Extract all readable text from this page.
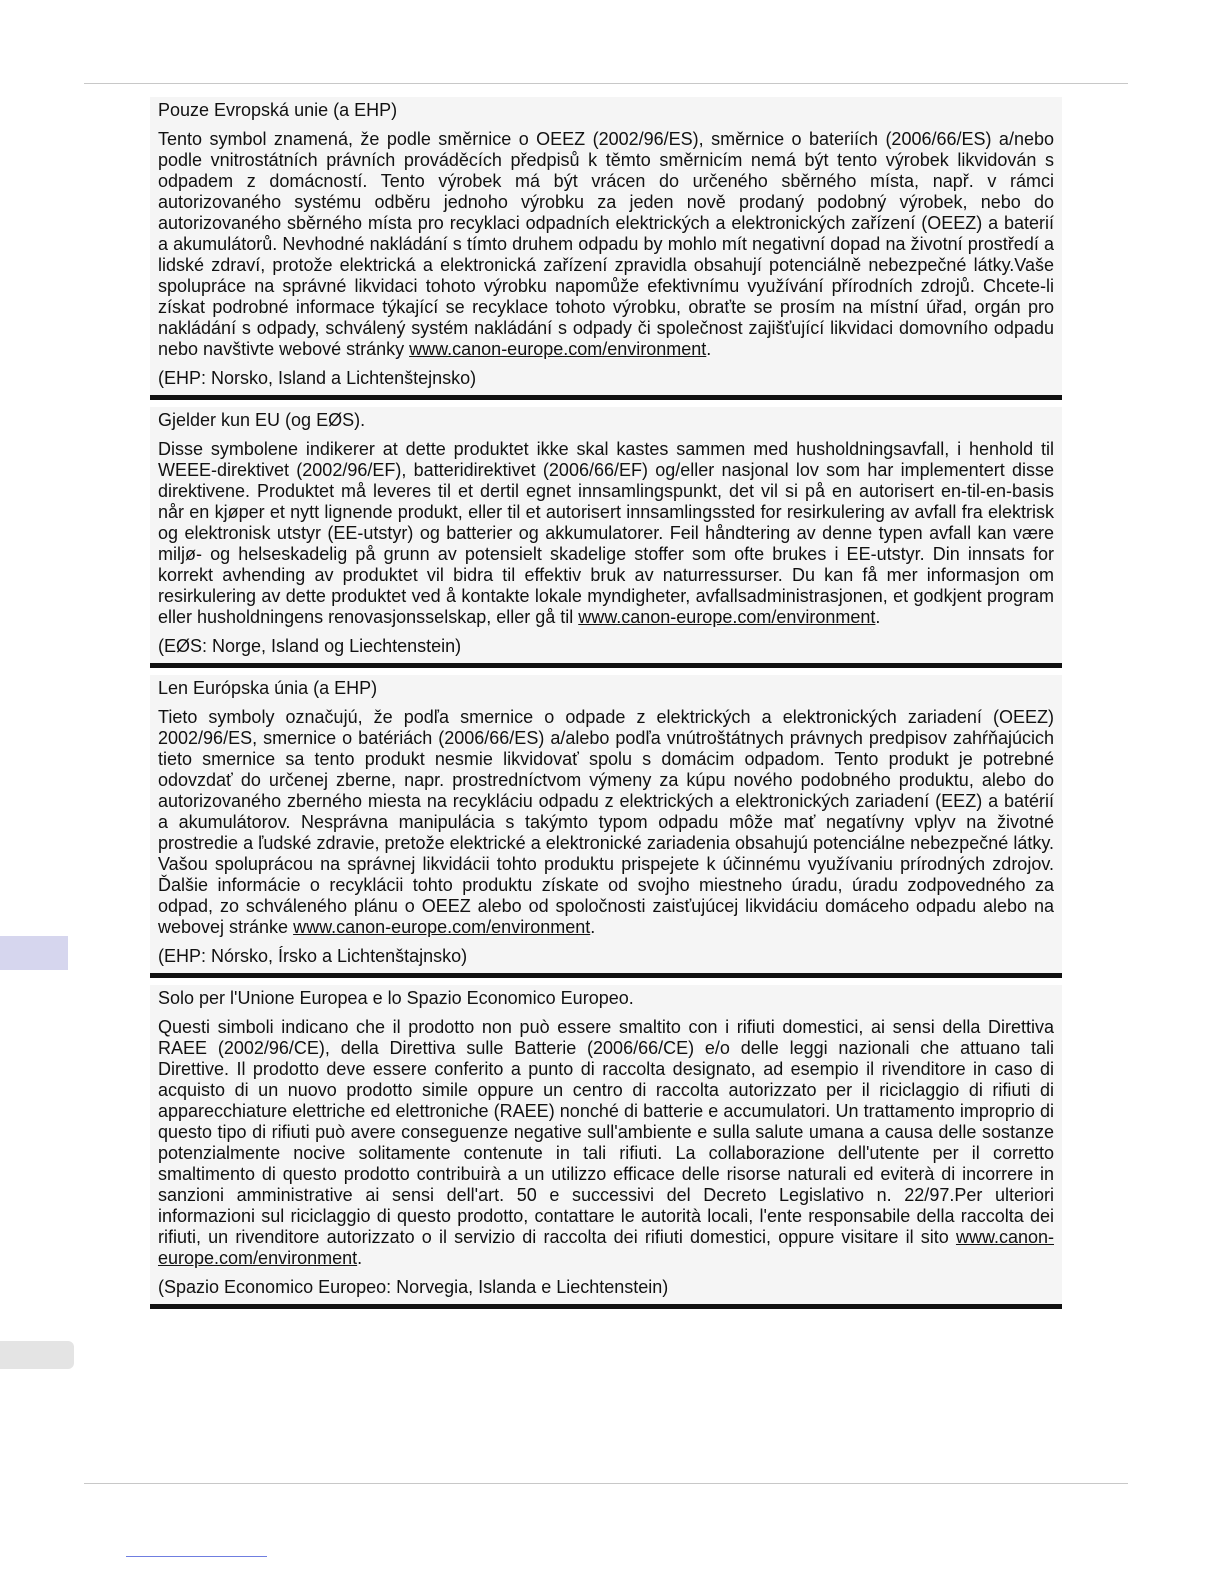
Pouze Evropská unie (a EHP)

Tento symbol znamená, že podle směrnice o OEEZ (2002/96/ES), směrnice o bateriích (2006/66/ES) a/nebo podle vnitrostátních právních prováděcích předpisů k těmto směrnicím nemá být tento výrobek likvidován s odpadem z domácností. Tento výrobek má být vrácen do určeného sběrného místa, např. v rámci autorizovaného systému odběru jednoho výrobku za jeden nově prodaný podobný výrobek, nebo do autorizovaného sběrného místa pro recyklaci odpadních elektrických a elektronických zařízení (OEEZ) a baterií a akumulátorů. Nevhodné nakládání s tímto druhem odpadu by mohlo mít negativní dopad na životní prostředí a lidské zdraví, protože elektrická a elektronická zařízení zpravidla obsahují potenciálně nebezpečné látky.Vaše spolupráce na správné likvidaci tohoto výrobku napomůže efektivnímu využívání přírodních zdrojů. Chcete-li získat podrobné informace týkající se recyklace tohoto výrobku, obraťte se prosím na místní úřad, orgán pro nakládání s odpady, schválený systém nakládání s odpady či společnost zajišťující likvidaci domovního odpadu nebo navštivte webové stránky www.canon-europe.com/environment.

(EHP: Norsko, Island a Lichtenštejnsko)

Gjelder kun EU (og EØS).

Disse symbolene indikerer at dette produktet ikke skal kastes sammen med husholdningsavfall, i henhold til WEEE-direktivet (2002/96/EF), batteridirektivet (2006/66/EF) og/eller nasjonal lov som har implementert disse direktivene. Produktet må leveres til et dertil egnet innsamlingspunkt, det vil si på en autorisert en-til-en-basis når en kjøper et nytt lignende produkt, eller til et autorisert innsamlingssted for resirkulering av avfall fra elektrisk og elektronisk utstyr (EE-utstyr) og batterier og akkumulatorer. Feil håndtering av denne typen avfall kan være miljø- og helseskadelig på grunn av potensielt skadelige stoffer som ofte brukes i EE-utstyr. Din innsats for korrekt avhending av produktet vil bidra til effektiv bruk av naturressurser. Du kan få mer informasjon om resirkulering av dette produktet ved å kontakte lokale myndigheter, avfallsadministrasjonen, et godkjent program eller husholdningens renovasjonsselskap, eller gå til www.canon-europe.com/environment.

(EØS: Norge, Island og Liechtenstein)

Len Európska únia (a EHP)

Tieto symboly označujú, že podľa smernice o odpade z elektrických a elektronických zariadení (OEEZ) 2002/96/ES, smernice o batériách (2006/66/ES) a/alebo podľa vnútroštátnych právnych predpisov zahŕňajúcich tieto smernice sa tento produkt nesmie likvidovať spolu s domácim odpadom. Tento produkt je potrebné odovzdať do určenej zberne, napr. prostredníctvom výmeny za kúpu nového podobného produktu, alebo do autorizovaného zberného miesta na recykláciu odpadu z elektrických a elektronických zariadení (EEZ) a batérií a akumulátorov. Nesprávna manipulácia s takýmto typom odpadu môže mať negatívny vplyv na životné prostredie a ľudské zdravie, pretože elektrické a elektronické zariadenia obsahujú potenciálne nebezpečné látky. Vašou spoluprácou na správnej likvidácii tohto produktu prispejete k účinnému využívaniu prírodných zdrojov. Ďalšie informácie o recyklácii tohto produktu získate od svojho miestneho úradu, úradu zodpovedného za odpad, zo schváleného plánu o OEEZ alebo od spoločnosti zaisťujúcej likvidáciu domáceho odpadu alebo na webovej stránke www.canon-europe.com/environment.

(EHP: Nórsko, Írsko a Lichtenštajnsko)

Solo per l'Unione Europea e lo Spazio Economico Europeo.

Questi simboli indicano che il prodotto non può essere smaltito con i rifiuti domestici, ai sensi della Direttiva RAEE (2002/96/CE), della Direttiva sulle Batterie (2006/66/CE) e/o delle leggi nazionali che attuano tali Direttive. Il prodotto deve essere conferito a punto di raccolta designato, ad esempio il rivenditore in caso di acquisto di un nuovo prodotto simile oppure un centro di raccolta autorizzato per il riciclaggio di rifiuti di apparecchiature elettriche ed elettroniche (RAEE) nonché di batterie e accumulatori. Un trattamento improprio di questo tipo di rifiuti può avere conseguenze negative sull'ambiente e sulla salute umana a causa delle sostanze potenzialmente nocive solitamente contenute in tali rifiuti. La collaborazione dell'utente per il corretto smaltimento di questo prodotto contribuirà a un utilizzo efficace delle risorse naturali ed eviterà di incorrere in sanzioni amministrative ai sensi dell'art. 50 e successivi del Decreto Legislativo n. 22/97.Per ulteriori informazioni sul riciclaggio di questo prodotto, contattare le autorità locali, l'ente responsabile della raccolta dei rifiuti, un rivenditore autorizzato o il servizio di raccolta dei rifiuti domestici, oppure visitare il sito www.canon-europe.com/environment.

(Spazio Economico Europeo: Norvegia, Islanda e Liechtenstein)
